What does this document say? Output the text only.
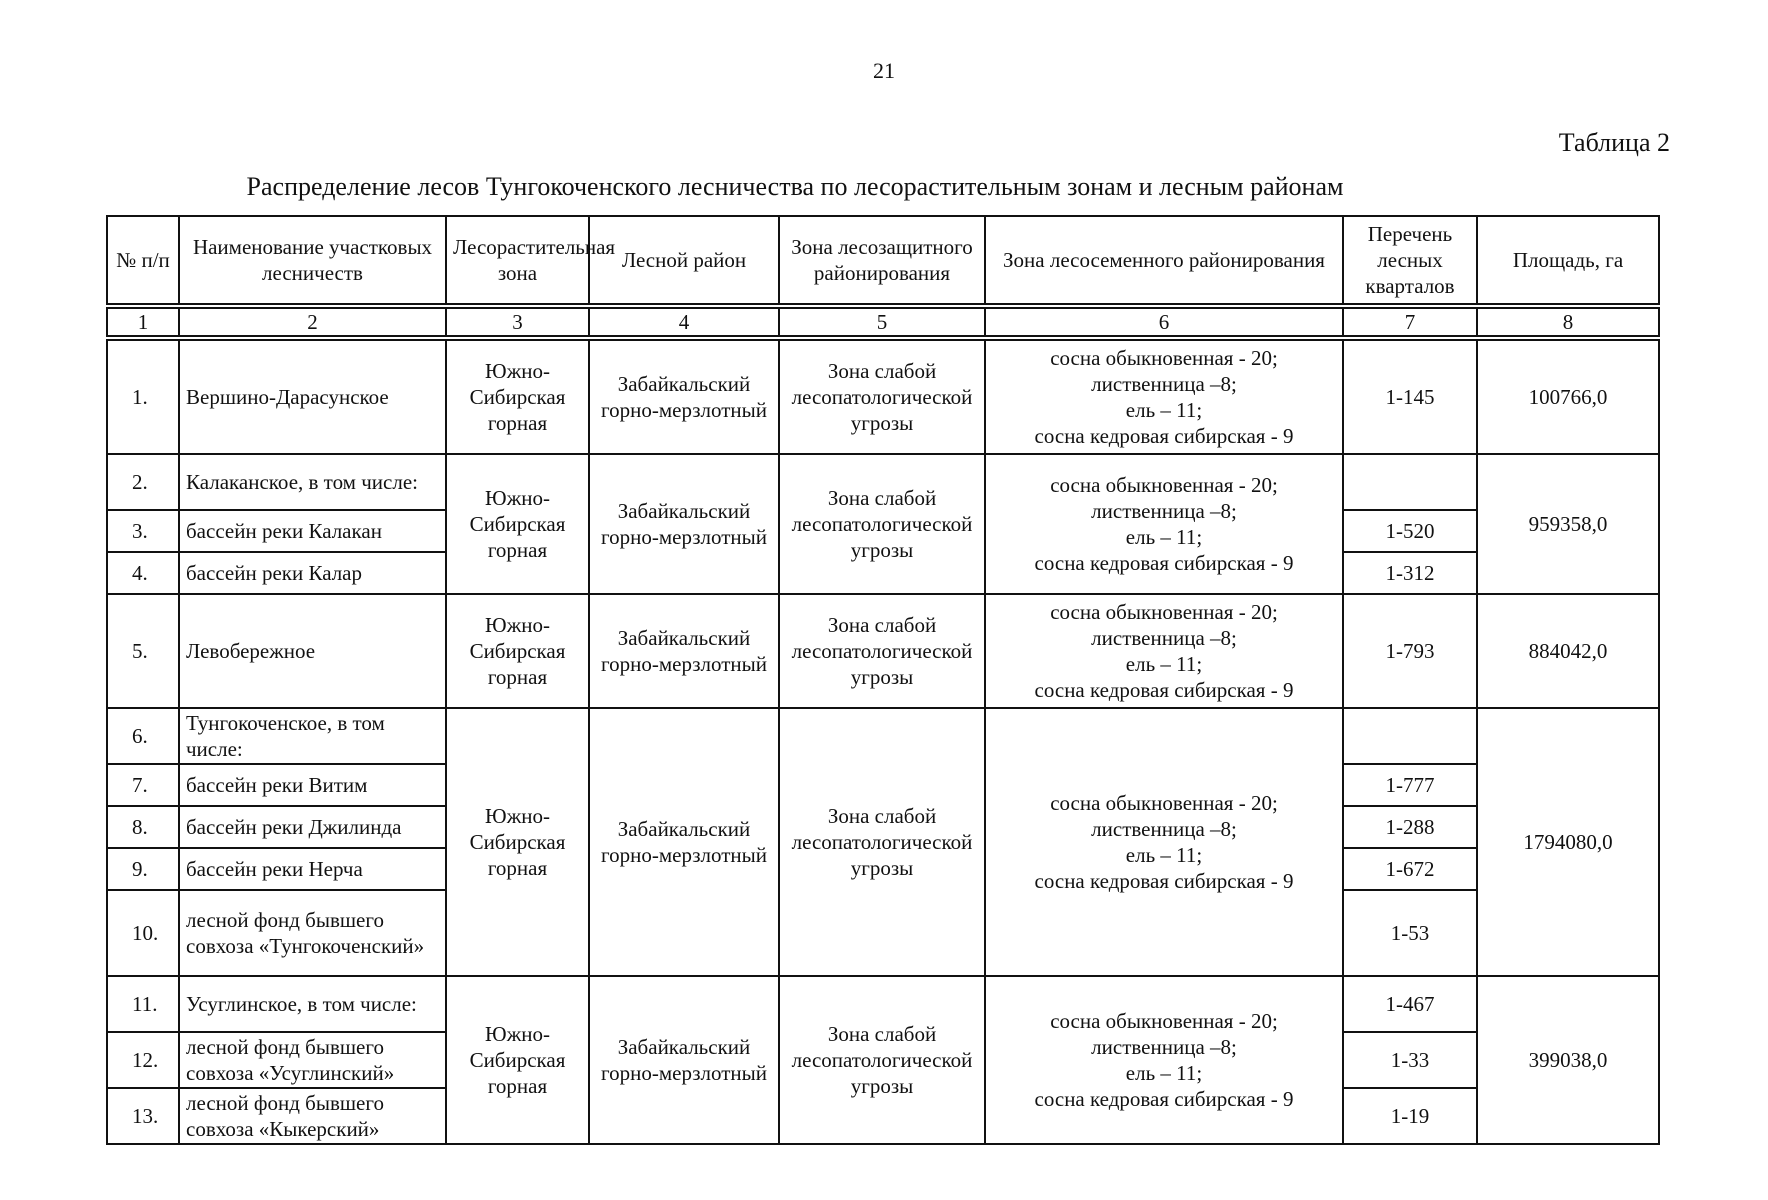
21
Таблица 2
Распределение лесов Тунгокоченского лесничества по лесорастительным зонам и лесным районам
№ п/п	Наименование участковых лесничеств	Лесорастительная зона	Лесной район	Зона лесозащитного районирования	Зона лесосеменного районирования	Перечень лесных кварталов	Площадь, га
1	2	3	4	5	6	7	8
1.	Вершино-Дарасунское	Южно-Сибирская горная	Забайкальский горно-мерзлотный	Зона слабой лесопатологической угрозы	сосна обыкновенная - 20;
лиственница –8;
ель – 11;
сосна кедровая сибирская - 9	1-145	100766,0
2.	Калаканское, в том числе:	Южно-Сибирская горная	Забайкальский горно-мерзлотный	Зона слабой лесопатологической угрозы	сосна обыкновенная - 20;
лиственница –8;
ель – 11;
сосна кедровая сибирская - 9		959358,0
3.	бассейн реки Калакан					1-520	
4.	бассейн реки Калар					1-312	
5.	Левобережное	Южно-Сибирская горная	Забайкальский горно-мерзлотный	Зона слабой лесопатологической угрозы	сосна обыкновенная - 20;
лиственница –8;
ель – 11;
сосна кедровая сибирская - 9	1-793	884042,0
6.	Тунгокоченское, в том числе:	Южно-Сибирская горная	Забайкальский горно-мерзлотный	Зона слабой лесопатологической угрозы	сосна обыкновенная - 20;
лиственница –8;
ель – 11;
сосна кедровая сибирская - 9		1794080,0
7.	бассейн реки Витим					1-777	
8.	бассейн реки Джилинда					1-288	
9.	бассейн реки Нерча					1-672	
10.	лесной фонд бывшего совхоза «Тунгокоченский»					1-53	
11.	Усуглинское, в том числе:	Южно-Сибирская горная	Забайкальский горно-мерзлотный	Зона слабой лесопатологической угрозы	сосна обыкновенная - 20;
лиственница –8;
ель – 11;
сосна кедровая сибирская - 9	1-467	399038,0
12.	лесной фонд бывшего совхоза «Усуглинский»					1-33	
13.	лесной фонд бывшего совхоза «Кыкерский»					1-19	
